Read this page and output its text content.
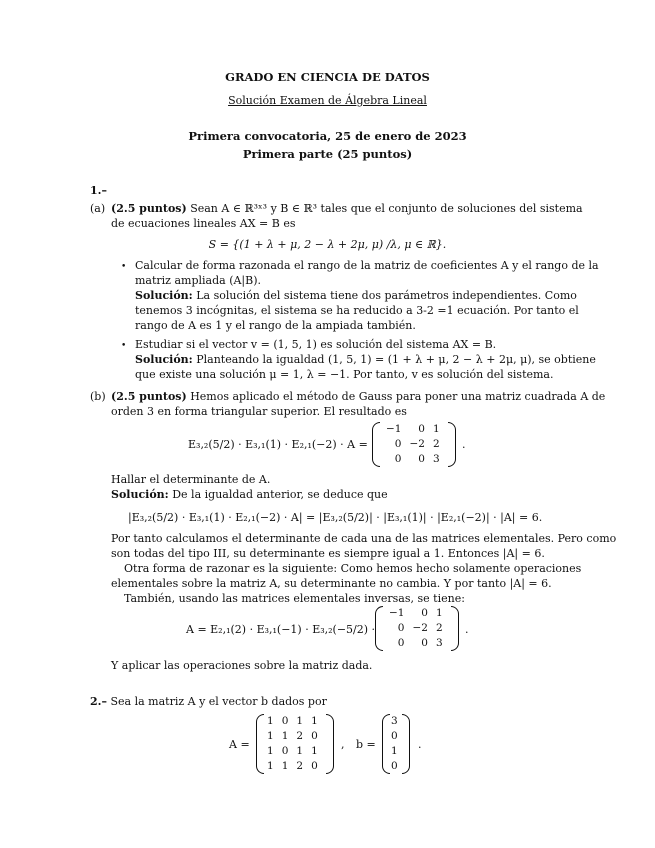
GRADO EN CIENCIA DE DATOS
Solución Examen de Álgebra Lineal
Primera convocatoria, 25 de enero de 2023
Primera parte (25 puntos)
1.–
(a) (2.5 puntos) Sean A ∈ ℝ³ˣ³ y B ∈ ℝ³ tales que el conjunto de soluciones del sistema
de ecuaciones lineales AX = B es
S = {(1 + λ + μ, 2 − λ + 2μ, μ) /λ, μ ∈ ℝ}.
• Calcular de forma razonada el rango de la matriz de coeficientes A y el rango de la
matriz ampliada (A|B).
Solución: La solución del sistema tiene dos parámetros independientes. Como
tenemos 3 incógnitas, el sistema se ha reducido a 3-2 =1 ecuación. Por tanto el
rango de A es 1 y el rango de la ampiada también.
• Estudiar si el vector v = (1, 5, 1) es solución del sistema AX = B.
Solución: Planteando la igualdad (1, 5, 1) = (1 + λ + μ, 2 − λ + 2μ, μ), se obtiene
que existe una solución μ = 1, λ = −1. Por tanto, v es solución del sistema.
(b) (2.5 puntos) Hemos aplicado el método de Gauss para poner una matriz cuadrada A de
orden 3 en forma triangular superior. El resultado es
E₃,₂(5/2) · E₃,₁(1) · E₂,₁(−2) · A =
−1	0	1
0	−2	2
0	0	3
.
Hallar el determinante de A.
Solución: De la igualdad anterior, se deduce que
|E₃,₂(5/2) · E₃,₁(1) · E₂,₁(−2) · A| = |E₃,₂(5/2)| · |E₃,₁(1)| · |E₂,₁(−2)| · |A| = 6.
Por tanto calculamos el determinante de cada una de las matrices elementales. Pero como
son todas del tipo III, su determinante es siempre igual a 1. Entonces |A| = 6.
Otra forma de razonar es la siguiente: Como hemos hecho solamente operaciones
elementales sobre la matriz A, su determinante no cambia. Y por tanto |A| = 6.
También, usando las matrices elementales inversas, se tiene:
A = E₂,₁(2) · E₃,₁(−1) · E₃,₂(−5/2) ·
−1	0	1
0	−2	2
0	0	3
.
Y aplicar las operaciones sobre la matriz dada.
2.– Sea la matriz A y el vector b dados por
A =
1	0	1	1
1	1	2	0
1	0	1	1
1	1	2	0
, b =
3
0
1
0
.
